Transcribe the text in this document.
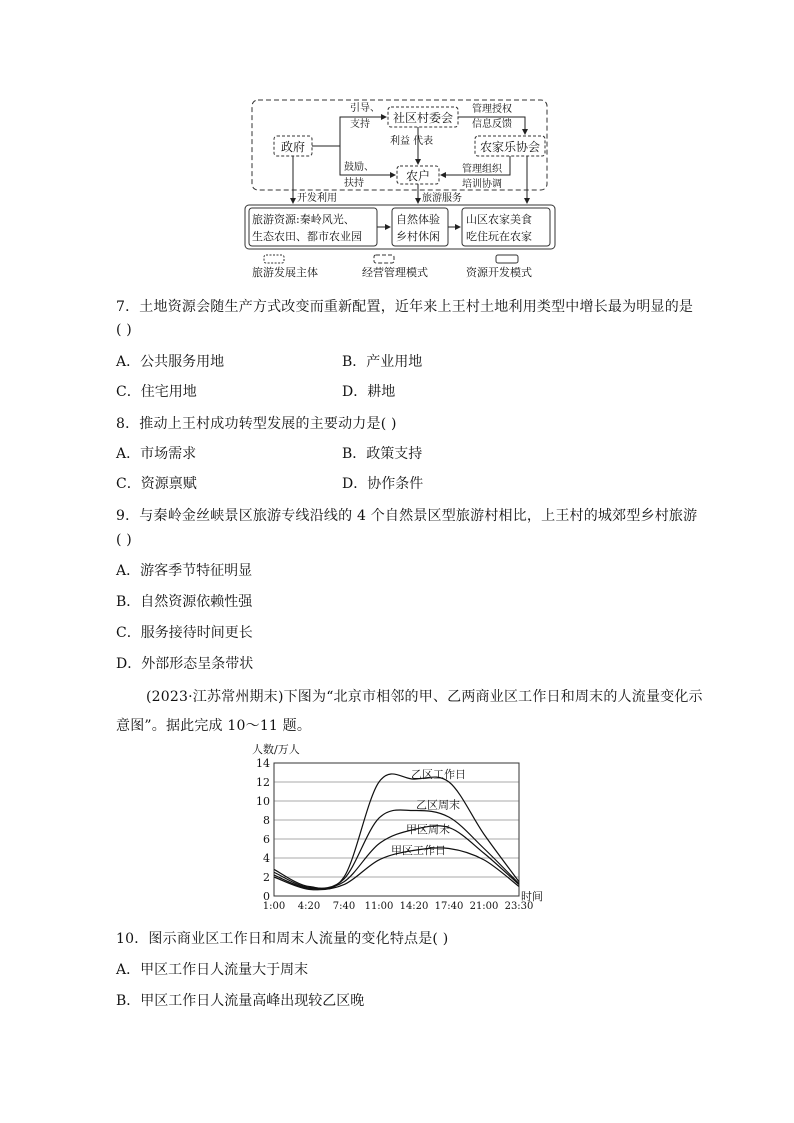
政府
社区村委会
农家乐协会
农户
引导、
支持
管理授权
信息反馈
利益 代表
鼓励、
扶持
管理组织
培训协调
开发利用	旅游服务
旅游资源:秦岭风光、
生态农田、都市农业园
自然体验
乡村休闲
山区农家美食
吃住玩在农家
旅游发展主体	经营管理模式	资源开发模式
7．土地资源会随生产方式改变而重新配置，近年来上王村土地利用类型中增长最为明显的是
( )
A．公共服务用地	B．产业用地
C．住宅用地	D．耕地
8．推动上王村成功转型发展的主要动力是( )
A．市场需求	B．政策支持
C．资源禀赋	D．协作条件
9．与秦岭金丝峡景区旅游专线沿线的 4 个自然景区型旅游村相比，上王村的城郊型乡村旅游
( )
A．游客季节特征明显
B．自然资源依赖性强
C．服务接待时间更长
D．外部形态呈条带状
(2023·江苏常州期末)下图为“北京市相邻的甲、乙两商业区工作日和周末的人流量变化示
意图”。据此完成 10～11 题。
0
2
4
6
8
10
12
14
1:00 4:20 7:40 11:00 14:20 17:40 21:00 23:30
人数/万人
时间
乙区工作日
乙区周末
甲区周末
甲区工作日
10．图示商业区工作日和周末人流量的变化特点是( )
A．甲区工作日人流量大于周末
B．甲区工作日人流量高峰出现较乙区晚
